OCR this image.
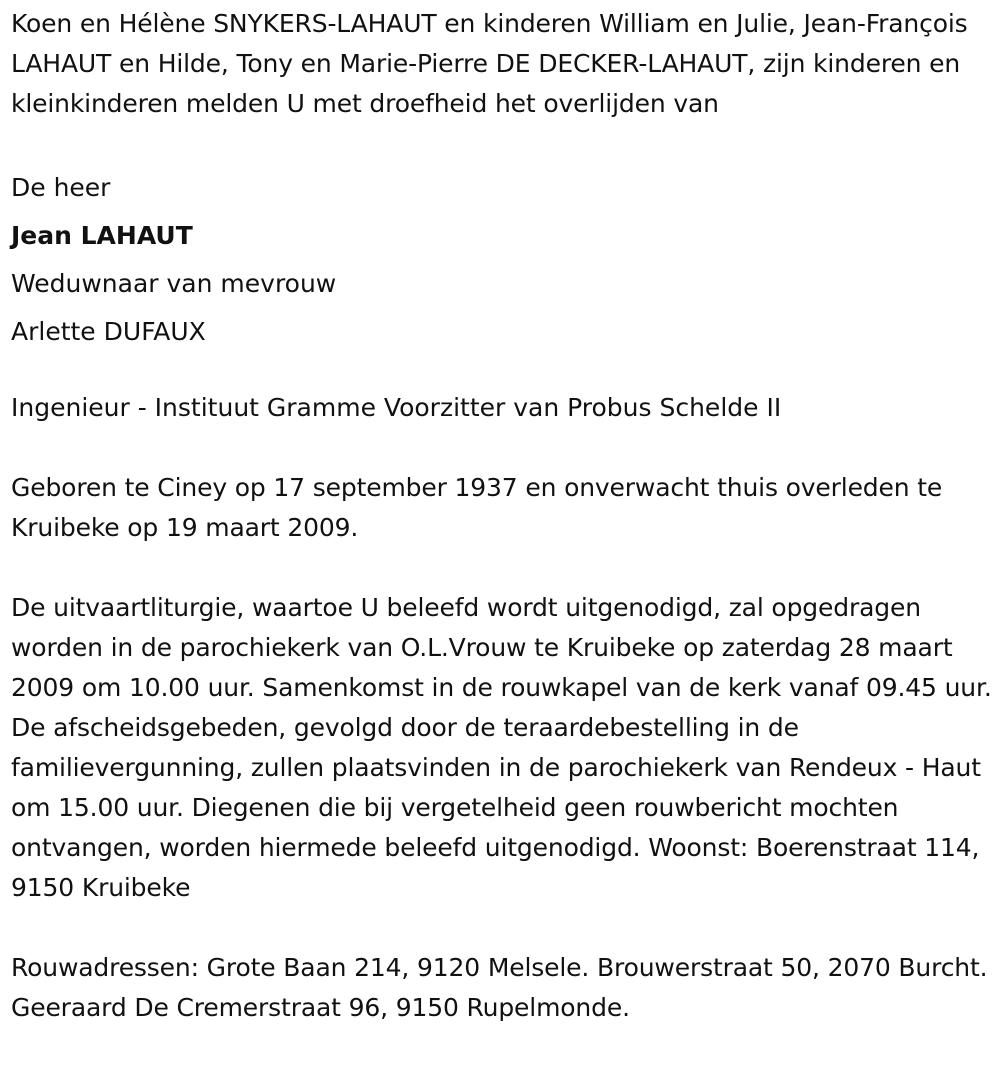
Koen en Hélène SNYKERS-LAHAUT en kinderen William en Julie, Jean-François LAHAUT en Hilde, Tony en Marie-Pierre DE DECKER-LAHAUT, zijn kinderen en kleinkinderen melden U met droefheid het overlijden van

De heer
Jean LAHAUT
Weduwnaar van mevrouw
Arlette DUFAUX

Ingenieur - Instituut Gramme Voorzitter van Probus Schelde II

Geboren te Ciney op 17 september 1937 en onverwacht thuis overleden te Kruibeke op 19 maart 2009.

De uitvaartliturgie, waartoe U beleefd wordt uitgenodigd, zal opgedragen worden in de parochiekerk van O.L.Vrouw te Kruibeke op zaterdag 28 maart 2009 om 10.00 uur. Samenkomst in de rouwkapel van de kerk vanaf 09.45 uur. De afscheidsgebeden, gevolgd door de teraardebestelling in de familievergunning, zullen plaatsvinden in de parochiekerk van Rendeux - Haut om 15.00 uur. Diegenen die bij vergetelheid geen rouwbericht mochten ontvangen, worden hiermede beleefd uitgenodigd. Woonst: Boerenstraat 114, 9150 Kruibeke

Rouwadressen: Grote Baan 214, 9120 Melsele. Brouwerstraat 50, 2070 Burcht. Geeraard De Cremerstraat 96, 9150 Rupelmonde.
